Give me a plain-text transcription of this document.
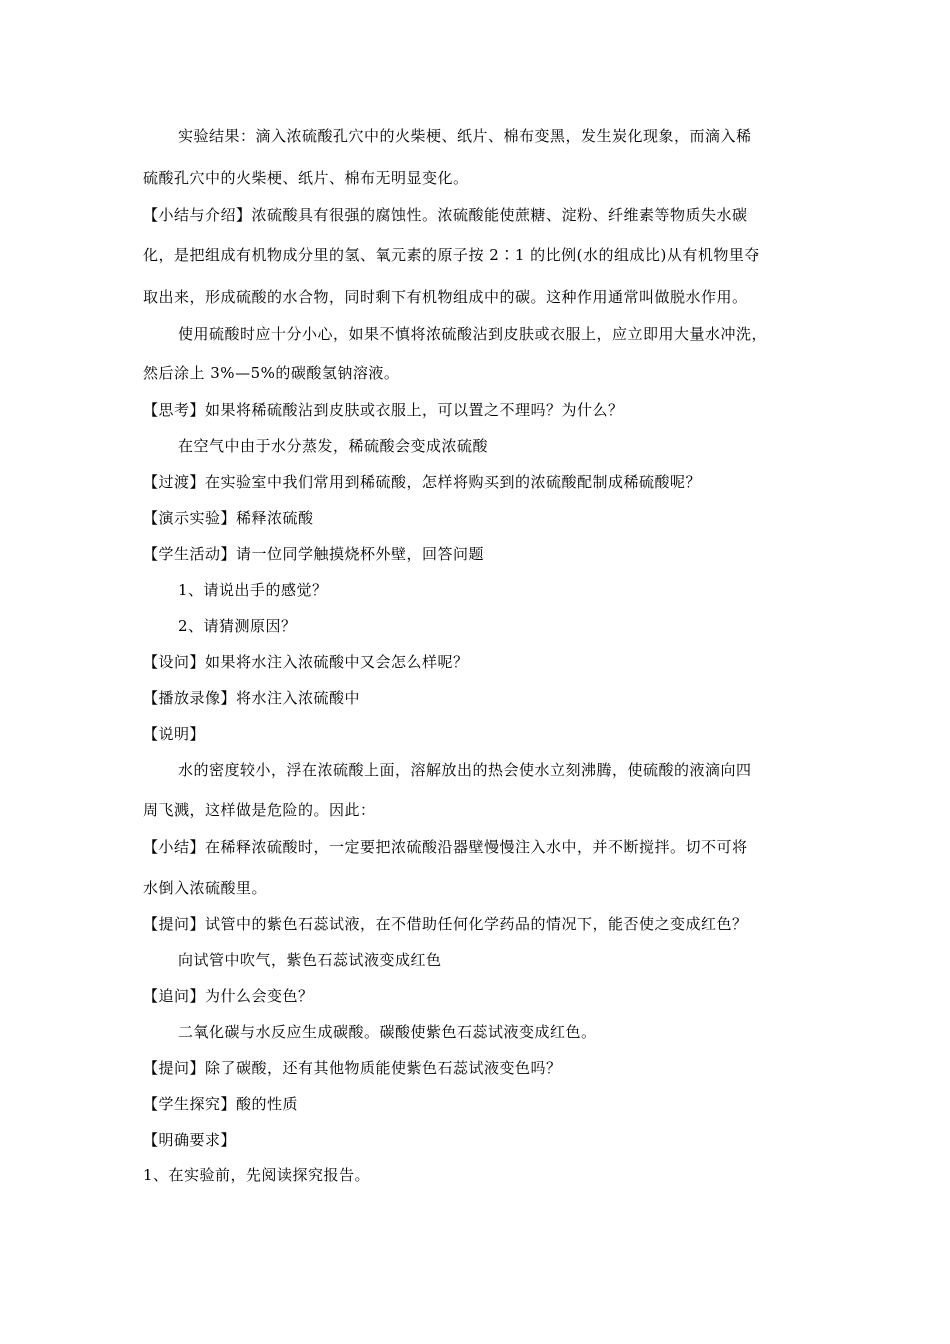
实验结果：滴入浓硫酸孔穴中的火柴梗、纸片、棉布变黑，发生炭化现象，而滴入稀
硫酸孔穴中的火柴梗、纸片、棉布无明显变化。
【小结与介绍】浓硫酸具有很强的腐蚀性。浓硫酸能使蔗糖、淀粉、纤维素等物质失水碳
化，是把组成有机物成分里的氢、氧元素的原子按 2∶1 的比例(水的组成比)从有机物里夺
取出来，形成硫酸的水合物，同时剩下有机物组成中的碳。这种作用通常叫做脱水作用。
使用硫酸时应十分小心，如果不慎将浓硫酸沾到皮肤或衣服上，应立即用大量水冲洗，
然后涂上 3%—5%的碳酸氢钠溶液。
【思考】如果将稀硫酸沾到皮肤或衣服上，可以置之不理吗？为什么？
在空气中由于水分蒸发，稀硫酸会变成浓硫酸
【过渡】在实验室中我们常用到稀硫酸，怎样将购买到的浓硫酸配制成稀硫酸呢？
【演示实验】稀释浓硫酸
【学生活动】请一位同学触摸烧杯外壁，回答问题
1、请说出手的感觉？
2、请猜测原因？
【设问】如果将水注入浓硫酸中又会怎么样呢？
【播放录像】将水注入浓硫酸中
【说明】
水的密度较小，浮在浓硫酸上面，溶解放出的热会使水立刻沸腾，使硫酸的液滴向四
周飞溅，这样做是危险的。因此：
【小结】在稀释浓硫酸时，一定要把浓硫酸沿器壁慢慢注入水中，并不断搅拌。切不可将
水倒入浓硫酸里。
【提问】试管中的紫色石蕊试液，在不借助任何化学药品的情况下，能否使之变成红色？
向试管中吹气，紫色石蕊试液变成红色
【追问】为什么会变色？
二氧化碳与水反应生成碳酸。碳酸使紫色石蕊试液变成红色。
【提问】除了碳酸，还有其他物质能使紫色石蕊试液变色吗？
【学生探究】酸的性质
【明确要求】
1、在实验前，先阅读探究报告。
